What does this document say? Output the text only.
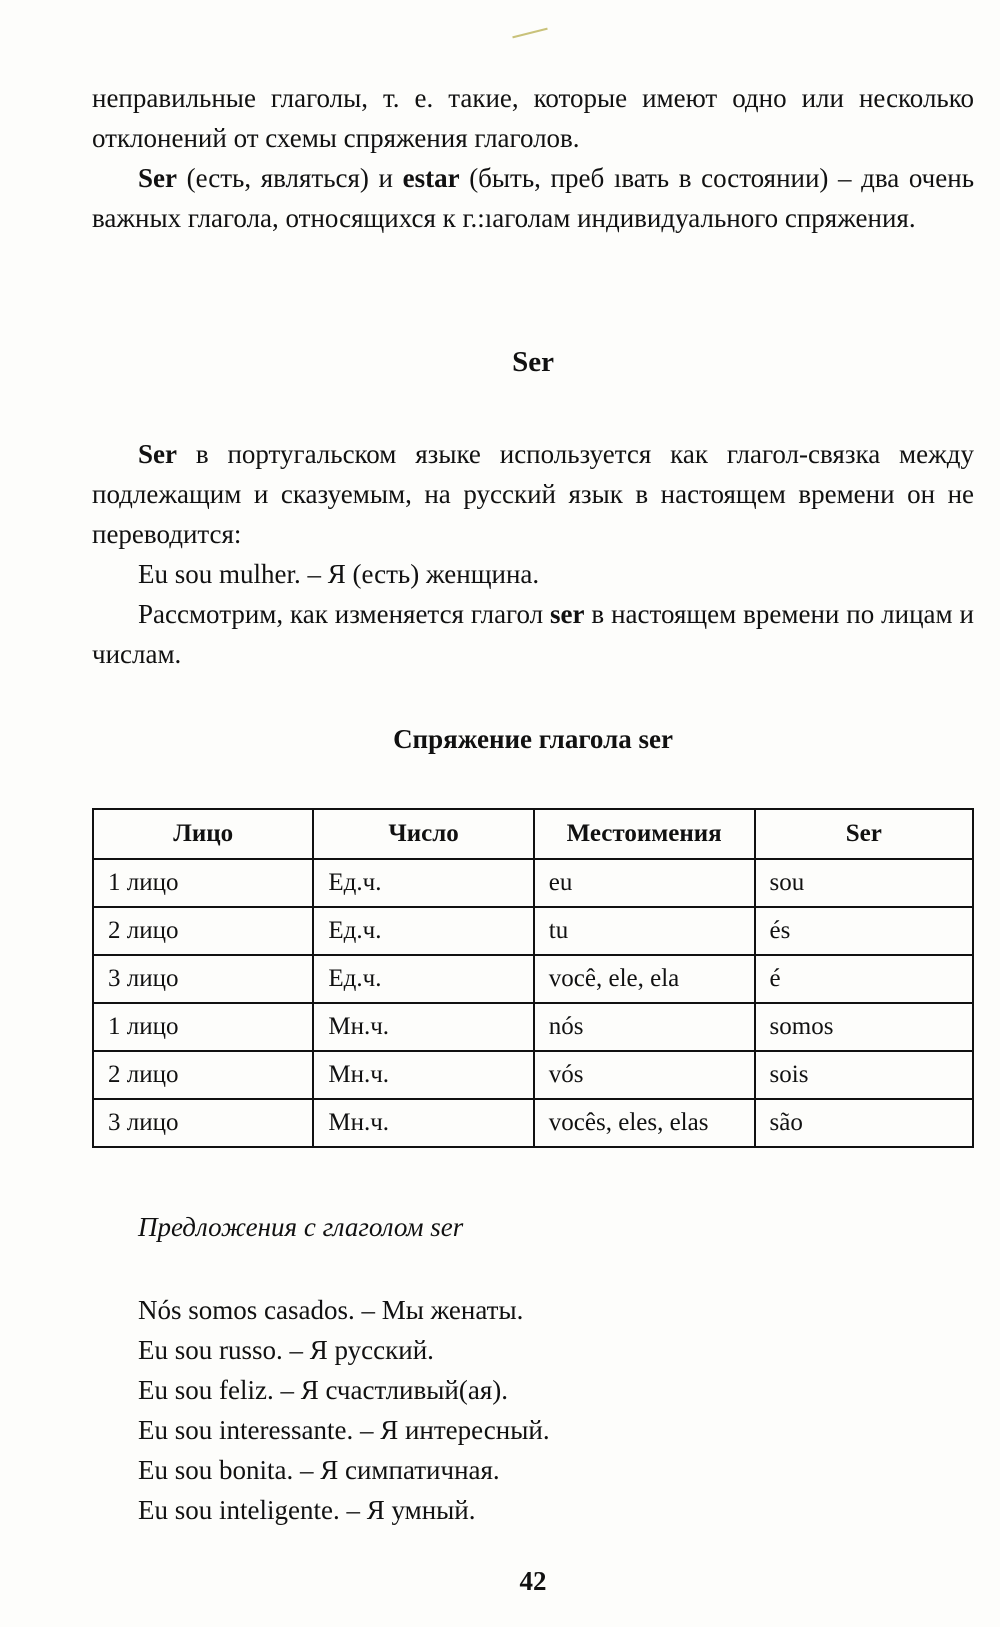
неправильные глаголы, т. е. такие, которые имеют одно или несколько отклонений от схемы спряжения глаголов.

Ser (есть, являться) и estar (быть, преб ıвать в состоянии) – два очень важных глагола, относящихся к г.:ıаголам индивидуального спряжения.

Ser

Ser в португальском языке используется как глагол-связка между подлежащим и сказуемым, на русский язык в настоящем времени он не переводится:

Eu sou mulher. – Я (есть) женщина.

Рассмотрим, как изменяется глагол ser в настоящем времени по лицам и числам.

Спряжение глагола ser
Лицо	Число	Местоимения	Ser
1 лицо	Ед.ч.	eu	sou
2 лицо	Ед.ч.	tu	és
3 лицо	Ед.ч.	você, ele, ela	é
1 лицо	Мн.ч.	nós	somos
2 лицо	Мн.ч.	vós	sois
3 лицо	Мн.ч.	vocês, eles, elas	são

Предложения с глаголом ser

Nós somos casados. – Мы женаты.
Eu sou russo. – Я русский.
Eu sou feliz. – Я счастливый(ая).
Eu sou interessante. – Я интересный.
Eu sou bonita. – Я симпатичная.
Eu sou inteligente. – Я умный.

42
